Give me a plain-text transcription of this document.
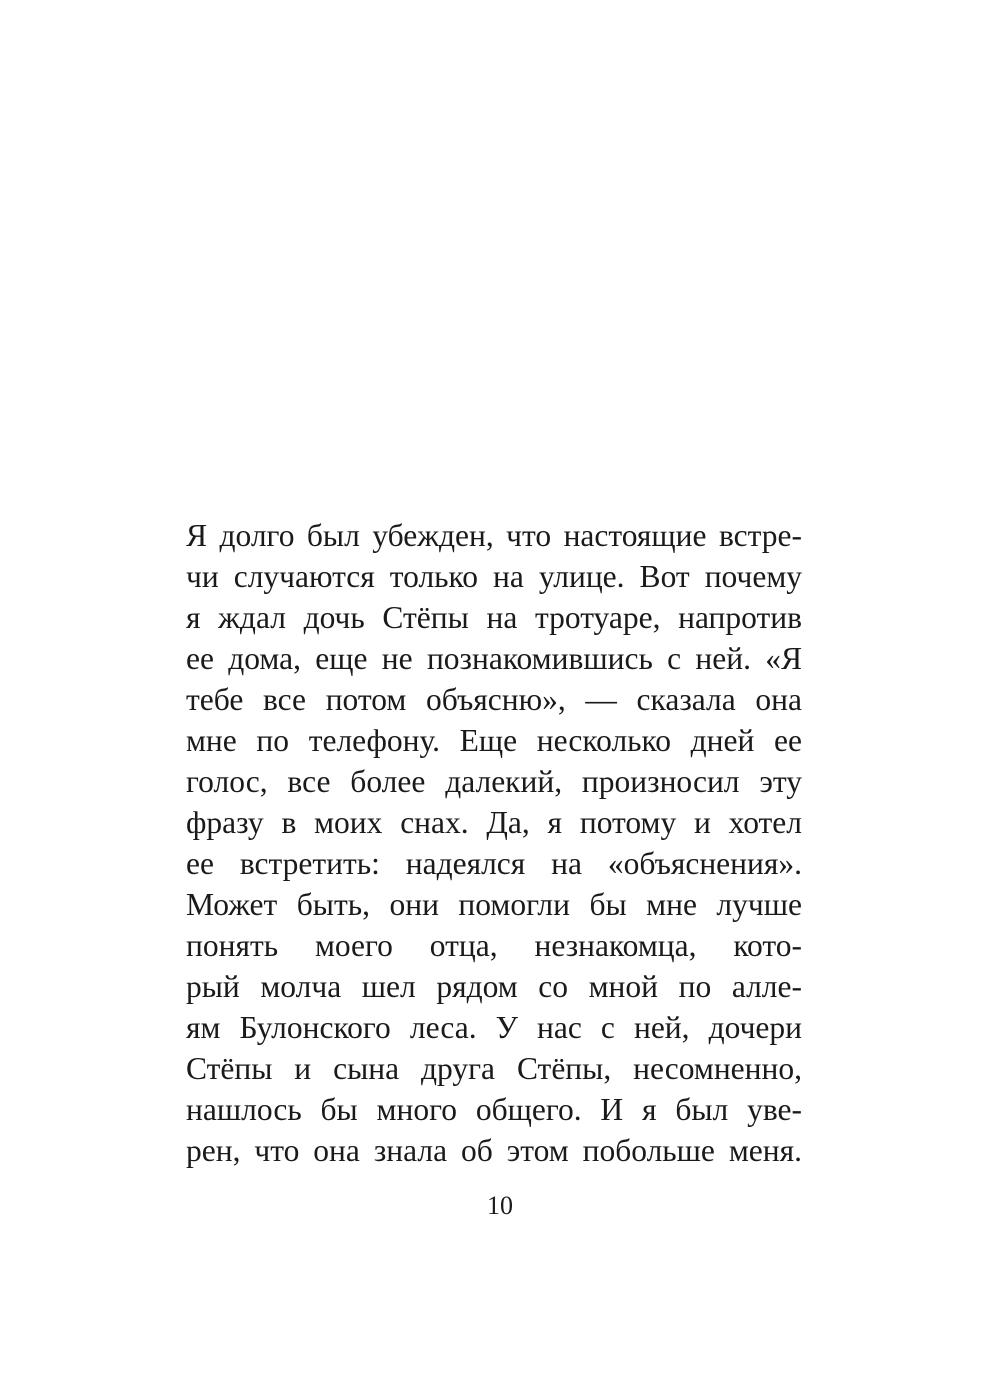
Я долго был убежден, что настоящие встре-
чи случаются только на улице. Вот почему
я ждал дочь Стёпы на тротуаре, напротив
ее дома, еще не познакомившись с ней. «Я
тебе все потом объясню», — сказала она
мне по телефону. Еще несколько дней ее
голос, все более далекий, произносил эту
фразу в моих снах. Да, я потому и хотел
ее встретить: надеялся на «объяснения».
Может быть, они помогли бы мне лучше
понять моего отца, незнакомца, кото-
рый молча шел рядом со мной по алле-
ям Булонского леса. У нас с ней, дочери
Стёпы и сына друга Стёпы, несомненно,
нашлось бы много общего. И я был уве-
рен, что она знала об этом побольше меня.
10
